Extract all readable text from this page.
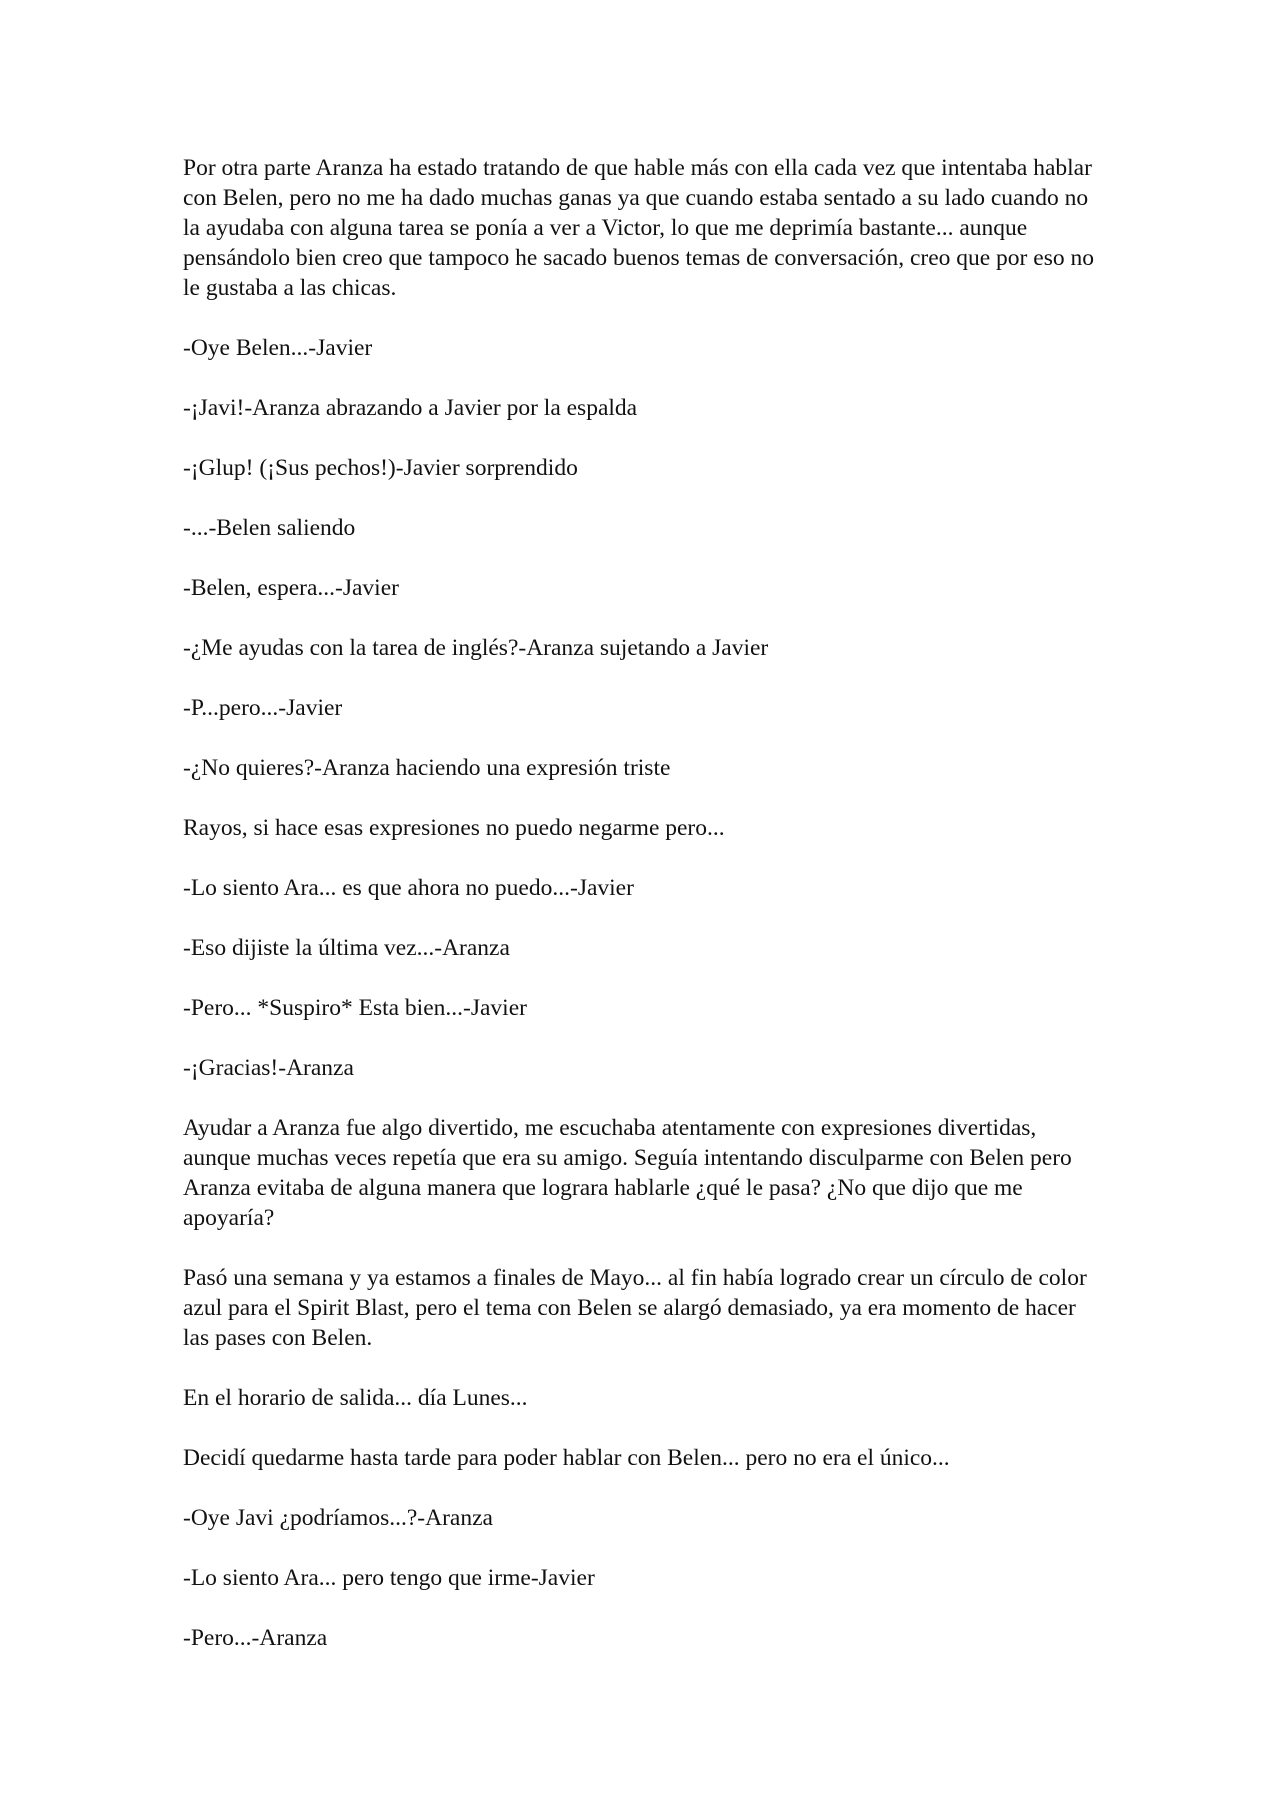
Por otra parte Aranza ha estado tratando de que hable más con ella cada vez que intentaba hablar con Belen, pero no me ha dado muchas ganas ya que cuando estaba sentado a su lado cuando no la ayudaba con alguna tarea se ponía a ver a Victor, lo que me deprimía bastante... aunque pensándolo bien creo que tampoco he sacado buenos temas de conversación, creo que por eso no le gustaba a las chicas.

-Oye Belen...-Javier

-¡Javi!-Aranza abrazando a Javier por la espalda

-¡Glup! (¡Sus pechos!)-Javier sorprendido

-...-Belen saliendo

-Belen, espera...-Javier

-¿Me ayudas con la tarea de inglés?-Aranza sujetando a Javier

-P...pero...-Javier

-¿No quieres?-Aranza haciendo una expresión triste

Rayos, si hace esas expresiones no puedo negarme pero...

-Lo siento Ara... es que ahora no puedo...-Javier

-Eso dijiste la última vez...-Aranza

-Pero... *Suspiro* Esta bien...-Javier

-¡Gracias!-Aranza

Ayudar a Aranza fue algo divertido, me escuchaba atentamente con expresiones divertidas, aunque muchas veces repetía que era su amigo. Seguía intentando disculparme con Belen pero Aranza evitaba de alguna manera que lograra hablarle ¿qué le pasa? ¿No que dijo que me apoyaría?

Pasó una semana y ya estamos a finales de Mayo... al fin había logrado crear un círculo de color azul para el Spirit Blast, pero el tema con Belen se alargó demasiado, ya era momento de hacer las pases con Belen.

En el horario de salida... día Lunes...

Decidí quedarme hasta tarde para poder hablar con Belen... pero no era el único...

-Oye Javi ¿podríamos...?-Aranza

-Lo siento Ara... pero tengo que irme-Javier

-Pero...-Aranza
